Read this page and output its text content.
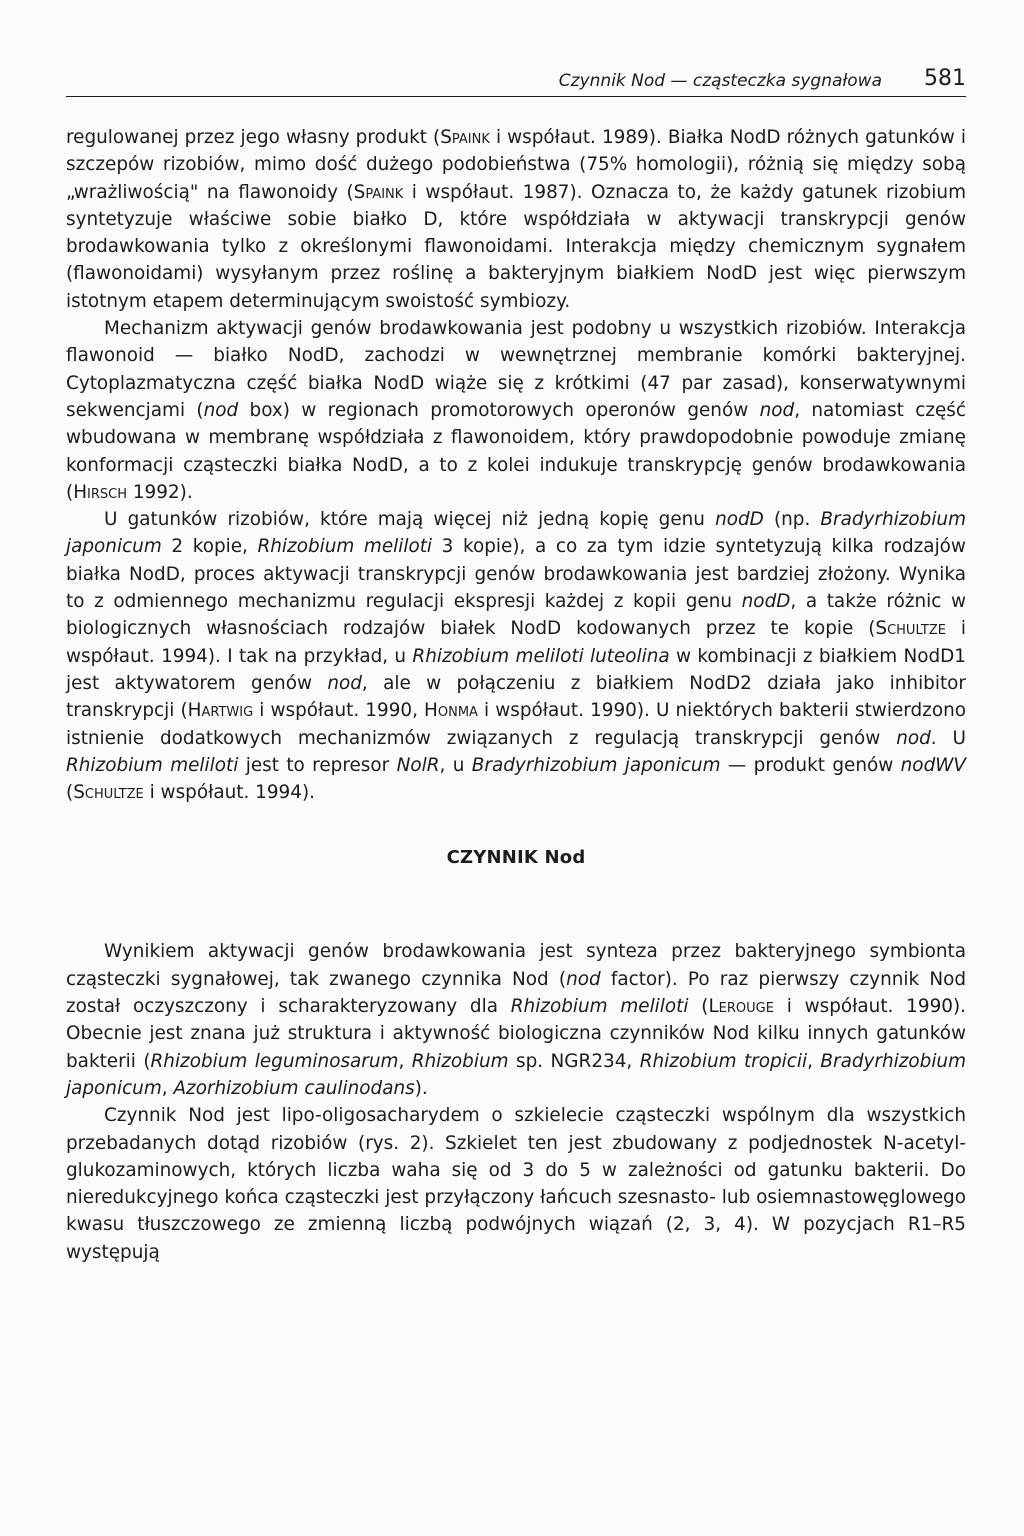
Czynnik Nod — cząsteczka sygnałowa 581

regulowanej przez jego własny produkt (Spaink i współaut. 1989). Białka NodD różnych gatunków i szczepów rizobiów, mimo dość dużego podobieństwa (75% homologii), różnią się między sobą „wrażliwością" na flawonoidy (Spaink i współaut. 1987). Oznacza to, że każdy gatunek rizobium syntetyzuje właściwe sobie białko D, które współdziała w aktywacji transkrypcji genów brodawkowania tylko z określonymi flawonoidami. Interakcja między chemicznym sygnałem (flawonoidami) wysyłanym przez roślinę a bakteryjnym białkiem NodD jest więc pierwszym istotnym etapem determinującym swoistość symbiozy.

Mechanizm aktywacji genów brodawkowania jest podobny u wszystkich rizobiów. Interakcja flawonoid — białko NodD, zachodzi w wewnętrznej membranie komórki bakteryjnej. Cytoplazmatyczna część białka NodD wiąże się z krótkimi (47 par zasad), konserwatywnymi sekwencjami (nod box) w regionach promotorowych operonów genów nod, natomiast część wbudowana w membranę współdziała z flawonoidem, który prawdopodobnie powoduje zmianę konformacji cząsteczki białka NodD, a to z kolei indukuje transkrypcję genów brodawkowania (Hirsch 1992).

U gatunków rizobiów, które mają więcej niż jedną kopię genu nodD (np. Bradyrhizobium japonicum 2 kopie, Rhizobium meliloti 3 kopie), a co za tym idzie syntetyzują kilka rodzajów białka NodD, proces aktywacji transkrypcji genów brodawkowania jest bardziej złożony. Wynika to z odmiennego mechanizmu regulacji ekspresji każdej z kopii genu nodD, a także różnic w biologicznych własnościach rodzajów białek NodD kodowanych przez te kopie (Schultze i współaut. 1994). I tak na przykład, u Rhizobium meliloti luteolina w kombinacji z białkiem NodD1 jest aktywatorem genów nod, ale w połączeniu z białkiem NodD2 działa jako inhibitor transkrypcji (Hartwig i współaut. 1990, Honma i współaut. 1990). U niektórych bakterii stwierdzono istnienie dodatkowych mechanizmów związanych z regulacją transkrypcji genów nod. U Rhizobium meliloti jest to represor NolR, u Bradyrhizobium japonicum — produkt genów nodWV (Schultze i współaut. 1994).

CZYNNIK Nod

Wynikiem aktywacji genów brodawkowania jest synteza przez bakteryjnego symbionta cząsteczki sygnałowej, tak zwanego czynnika Nod (nod factor). Po raz pierwszy czynnik Nod został oczyszczony i scharakteryzowany dla Rhizobium meliloti (Lerouge i współaut. 1990). Obecnie jest znana już struktura i aktywność biologiczna czynników Nod kilku innych gatunków bakterii (Rhizobium leguminosarum, Rhizobium sp. NGR234, Rhizobium tropicii, Bradyrhizobium japonicum, Azorhizobium caulinodans).

Czynnik Nod jest lipo-oligosacharydem o szkielecie cząsteczki wspólnym dla wszystkich przebadanych dotąd rizobiów (rys. 2). Szkielet ten jest zbudowany z podjednostek N-acetyl-glukozaminowych, których liczba waha się od 3 do 5 w zależności od gatunku bakterii. Do nieredukcyjnego końca cząsteczki jest przyłączony łańcuch szesnasto- lub osiemnastowęglowego kwasu tłuszczowego ze zmienną liczbą podwójnych wiązań (2, 3, 4). W pozycjach R1–R5 występują
